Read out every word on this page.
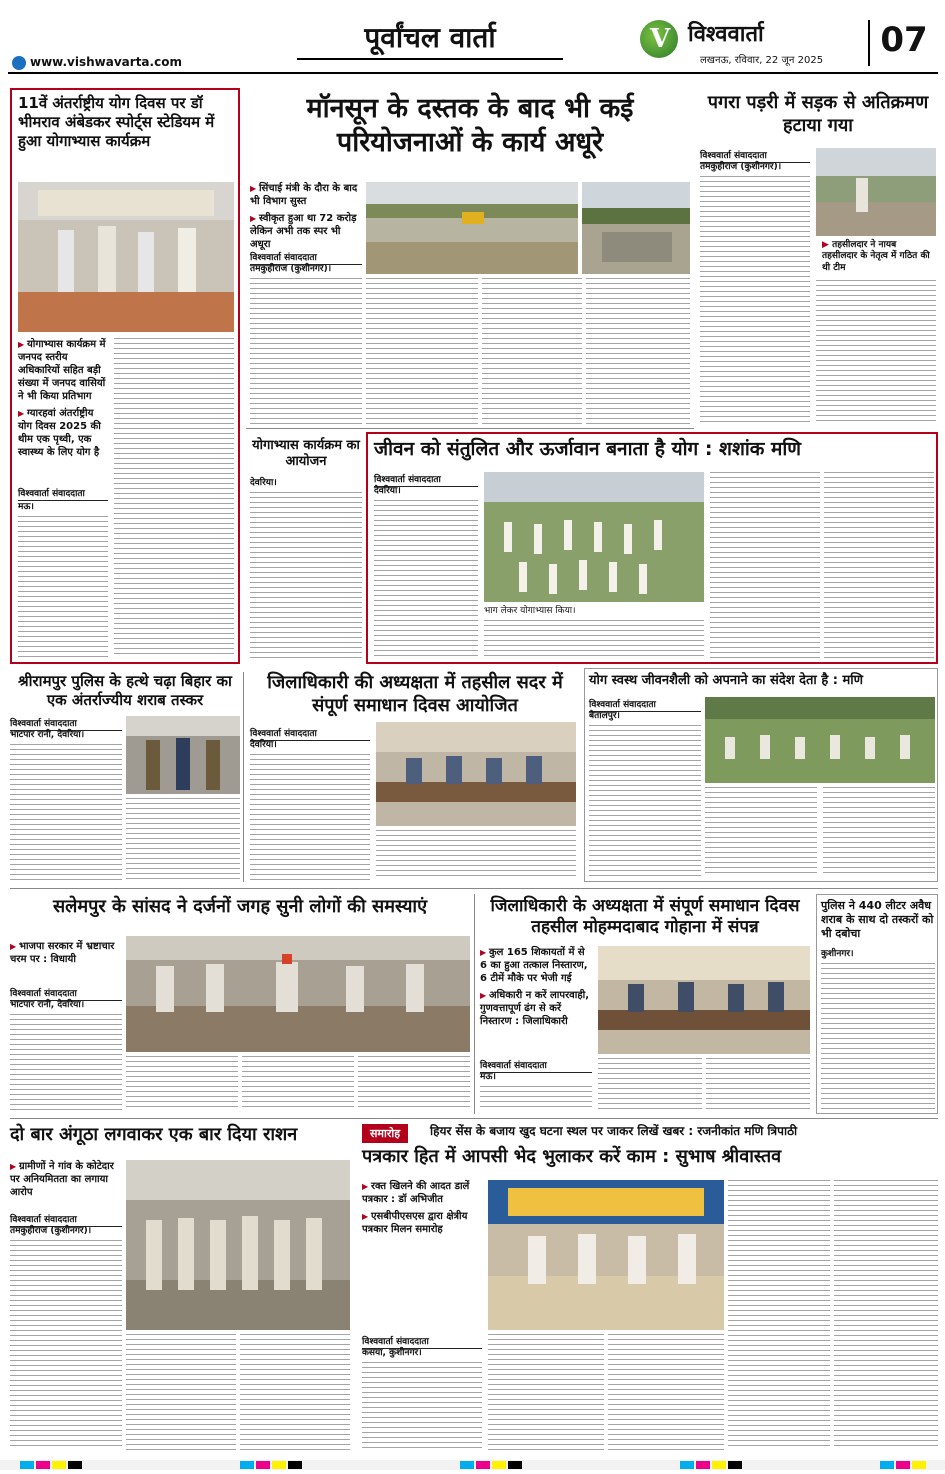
पूर्वांचल वार्ता
www.vishwavarta.com
V विश्ववार्ता
लखनऊ, रविवार, 22 जून 2025
07
11वें अंतर्राष्ट्रीय योग दिवस पर डॉ भीमराव अंबेडकर स्पोर्ट्स स्टेडियम में हुआ योगाभ्यास कार्यक्रम
▶ योगाभ्यास कार्यक्रम में जनपद स्तरीय अधिकारियों सहित बड़ी संख्या में जनपद वासियों ने भी किया प्रतिभाग
▶ ग्यारहवां अंतर्राष्ट्रीय योग दिवस 2025 की थीम एक पृथ्वी, एक स्वास्थ्य के लिए योग है
विश्ववार्ता संवाददाता
मऊ।
मॉनसून के दस्तक के बाद भी कई परियोजनाओं के कार्य अधूरे
▶ सिंचाई मंत्री के दौरा के बाद भी विभाग सुस्त
▶ स्वीकृत हुआ था 72 करोड़ लेकिन अभी तक स्पर भी अधूरा
विश्ववार्ता संवाददाता
तमकुहीराज (कुशीनगर)।
पगरा पड़री में सड़क से अतिक्रमण हटाया गया
विश्ववार्ता संवाददाता
तमकुहीराज (कुशीनगर)।
▶ तहसीलदार ने नायब तहसीलदार के नेतृत्व में गठित की थी टीम
योगाभ्यास कार्यक्रम का आयोजन
देवरिया।
जीवन को संतुलित और ऊर्जावान बनाता है योग : शशांक मणि
विश्ववार्ता संवाददाता
देवरिया।
भाग लेकर योगाभ्यास किया।
श्रीरामपुर पुलिस के हत्थे चढ़ा बिहार का एक अंतर्राज्यीय शराब तस्कर
विश्ववार्ता संवाददाता
भाटपार रानी, देवरिया।
जिलाधिकारी की अध्यक्षता में तहसील सदर में संपूर्ण समाधान दिवस आयोजित
विश्ववार्ता संवाददाता
देवरिया।
योग स्वस्थ जीवनशैली को अपनाने का संदेश देता है : मणि
विश्ववार्ता संवाददाता
बैतालपुर।
सलेमपुर के सांसद ने दर्जनों जगह सुनी लोगों की समस्याएं
▶ भाजपा सरकार में भ्रष्टाचार चरम पर : विधायी
विश्ववार्ता संवाददाता
भाटपार रानी, देवरिया।
जिलाधिकारी के अध्यक्षता में संपूर्ण समाधान दिवस तहसील मोहम्मदाबाद गोहाना में संपन्न
▶ कुल 165 शिकायतों में से 6 का हुआ तत्काल निस्तारण, 6 टीमें मौके पर भेजी गई
▶ अधिकारी न करें लापरवाही, गुणवत्तापूर्ण ढंग से करें निस्तारण : जिलाधिकारी
विश्ववार्ता संवाददाता
मऊ।
पुलिस ने 440 लीटर अवैध शराब के साथ दो तस्करों को भी दबोचा
कुशीनगर।
दो बार अंगूठा लगवाकर एक बार दिया राशन
▶ ग्रामीणों ने गांव के कोटेदार पर अनियमितता का लगाया आरोप
विश्ववार्ता संवाददाता
तमकुहीराज (कुशीनगर)।
समारोह	हियर सेंस के बजाय खुद घटना स्थल पर जाकर लिखें खबर : रजनीकांत मणि त्रिपाठी
पत्रकार हित में आपसी भेद भुलाकर करें काम : सुभाष श्रीवास्तव
▶ रक्त खिलने की आदत डालें पत्रकार : डॉ अभिजीत
▶ एसबीपीएसएस द्वारा क्षेत्रीय पत्रकार मिलन समारोह
विश्ववार्ता संवाददाता
कसया, कुशीनगर।
